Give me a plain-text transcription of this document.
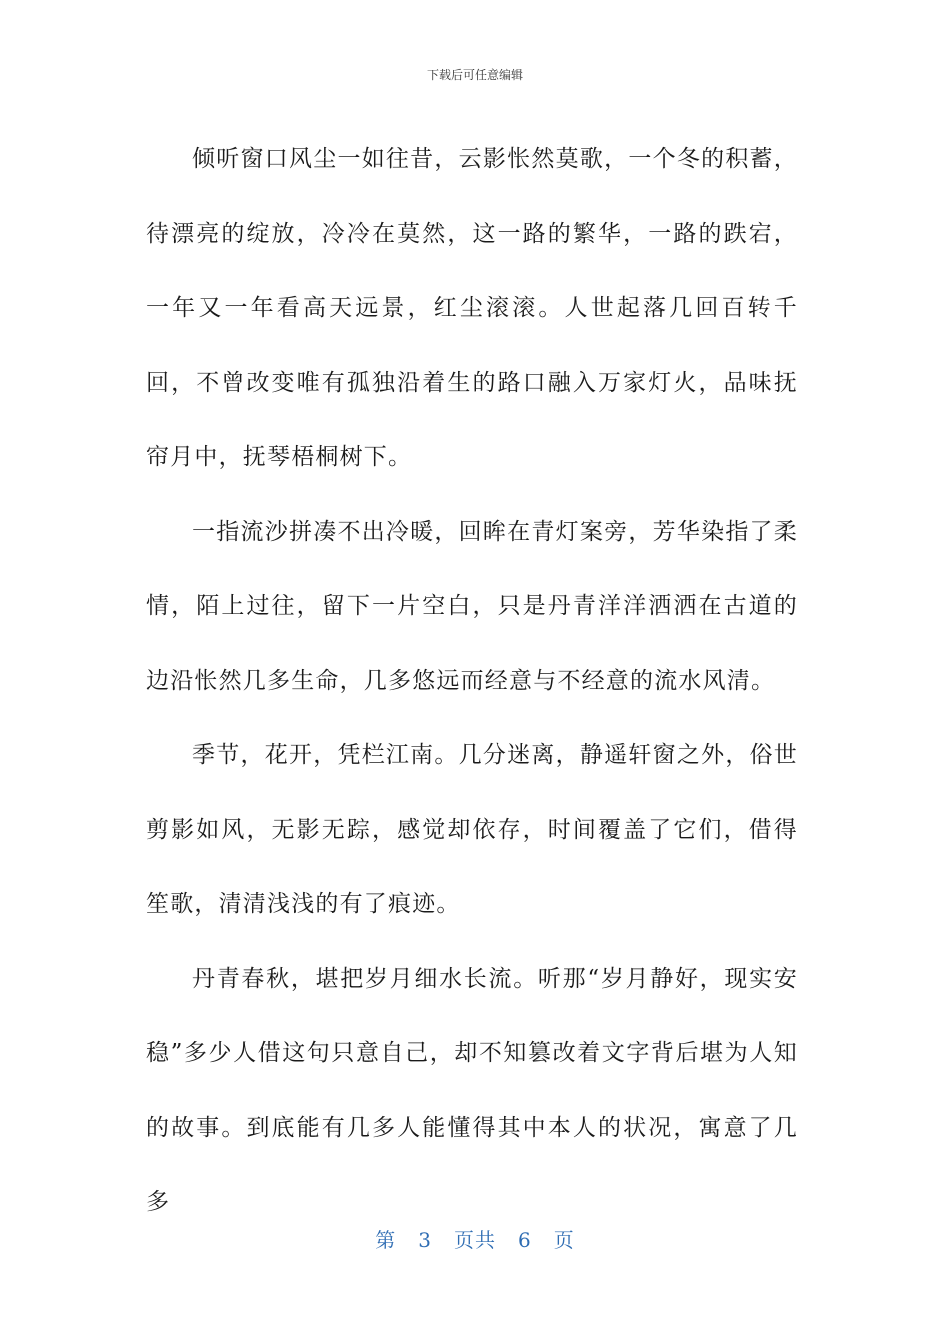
下载后可任意编辑

倾听窗口风尘一如往昔，云影怅然莫歌，一个冬的积蓄，待漂亮的绽放，冷冷在莫然，这一路的繁华，一路的跌宕，一年又一年看高天远景，红尘滚滚。人世起落几回百转千回，不曾改变唯有孤独沿着生的路口融入万家灯火，品味抚帘月中，抚琴梧桐树下。

一指流沙拼凑不出冷暖，回眸在青灯案旁，芳华染指了柔情，陌上过往，留下一片空白，只是丹青洋洋洒洒在古道的边沿怅然几多生命，几多悠远而经意与不经意的流水风清。

季节，花开，凭栏江南。几分迷离，静遥轩窗之外，俗世剪影如风，无影无踪，感觉却依存，时间覆盖了它们，借得笙歌，清清浅浅的有了痕迹。

丹青春秋，堪把岁月细水长流。听那“岁月静好，现实安稳”多少人借这句只意自己，却不知篡改着文字背后堪为人知的故事。到底能有几多人能懂得其中本人的状况，寓意了几多

第 3 页共 6 页
